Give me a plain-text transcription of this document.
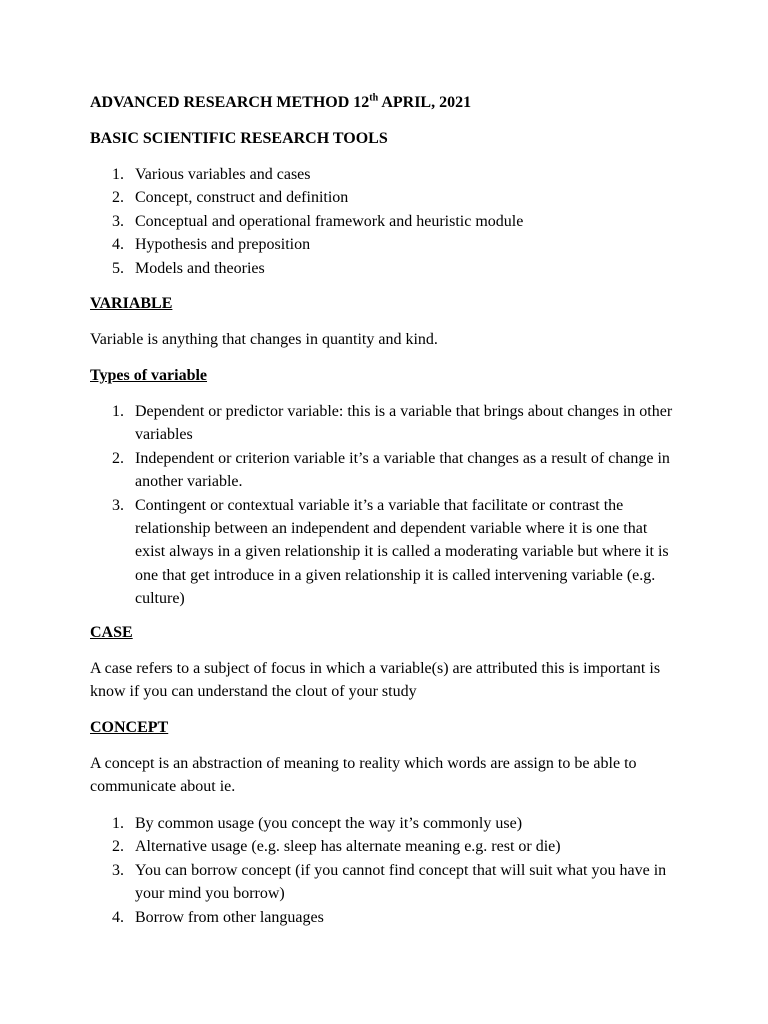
ADVANCED RESEARCH METHOD 12th APRIL, 2021
BASIC SCIENTIFIC RESEARCH TOOLS
1. Various variables and cases
2. Concept, construct and definition
3. Conceptual and operational framework and heuristic module
4. Hypothesis and preposition
5. Models and theories
VARIABLE
Variable is anything that changes in quantity and kind.
Types of variable
1. Dependent or predictor variable: this is a variable that brings about changes in other variables
2. Independent or criterion variable it’s a variable that changes as a result of change in another variable.
3. Contingent or contextual variable it’s a variable that facilitate or contrast the relationship between an independent and dependent variable where it is one that exist always in a given relationship it is called a moderating variable but where it is one that get introduce in a given relationship it is called intervening variable (e.g. culture)
CASE
A case refers to a subject of focus in which a variable(s) are attributed this is important is know if you can understand the clout of your study
CONCEPT
A concept is an abstraction of meaning to reality which words are assign to be able to communicate about ie.
1. By common usage (you concept the way it’s commonly use)
2. Alternative usage (e.g. sleep has alternate meaning e.g. rest or die)
3. You can borrow concept (if you cannot find concept that will suit what you have in your mind you borrow)
4. Borrow from other languages
